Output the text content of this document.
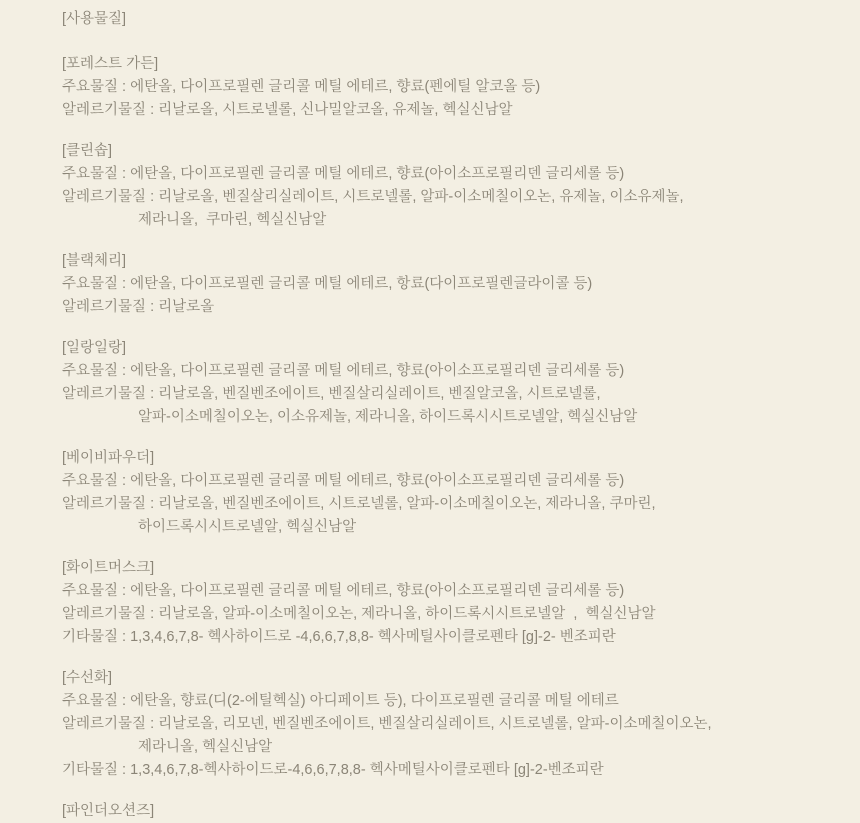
[사용물질]
[포레스트 가든]
주요물질 : 에탄올, 다이프로필렌 글리콜 메틸 에테르, 향료(펜에틸 알코올 등)
알레르기물질 : 리날로올, 시트로넬롤, 신나밀알코올, 유제놀, 헥실신남알
[클린솝]
주요물질 : 에탄올, 다이프로필렌 글리콜 메틸 에테르, 향료(아이소프로필리덴 글리세롤 등)
알레르기물질 : 리날로올, 벤질살리실레이트, 시트로넬롤, 알파-이소메칠이오논, 유제놀, 이소유제놀,
제라니올,  쿠마린, 헥실신남알
[블랙체리]
주요물질 : 에탄올, 다이프로필렌 글리콜 메틸 에테르, 항료(다이프로필렌글라이콜 등)
알레르기물질 : 리날로올
[일랑일랑]
주요물질 : 에탄올, 다이프로필렌 글리콜 메틸 에테르, 향료(아이소프로필리덴 글리세롤 등)
알레르기물질 : 리날로올, 벤질벤조에이트, 벤질살리실레이트, 벤질알코올, 시트로넬롤,
알파-이소메칠이오논, 이소유제놀, 제라니올, 하이드록시시트로넬알, 헥실신남알
[베이비파우더]
주요물질 : 에탄올, 다이프로필렌 글리콜 메틸 에테르, 향료(아이소프로필리덴 글리세롤 등)
알레르기물질 : 리날로올, 벤질벤조에이트, 시트로넬롤, 알파-이소메칠이오논, 제라니올, 쿠마린,
하이드록시시트로넬알, 헥실신남알
[화이트머스크]
주요물질 : 에탄올, 다이프로필렌 글리콜 메틸 에테르, 향료(아이소프로필리덴 글리세롤 등)
알레르기물질 : 리날로올, 알파-이소메칠이오논, 제라니올, 하이드록시시트로넬알  ,  헥실신남알
기타물질 : 1,3,4,6,7,8- 헥사하이드로 -4,6,6,7,8,8- 헥사메틸사이클로펜타 [g]-2- 벤조피란
[수선화]
주요물질 : 에탄올, 향료(디(2-에틸헥실) 아디페이트 등), 다이프로필렌 글리콜 메틸 에테르
알레르기물질 : 리날로올, 리모넨, 벤질벤조에이트, 벤질살리실레이트, 시트로넬롤, 알파-이소메칠이오논,
제라니올, 헥실신남알
기타물질 : 1,3,4,6,7,8-헥사하이드로-4,6,6,7,8,8- 헥사메틸사이클로펜타 [g]-2-벤조피란
[파인더오션즈]
